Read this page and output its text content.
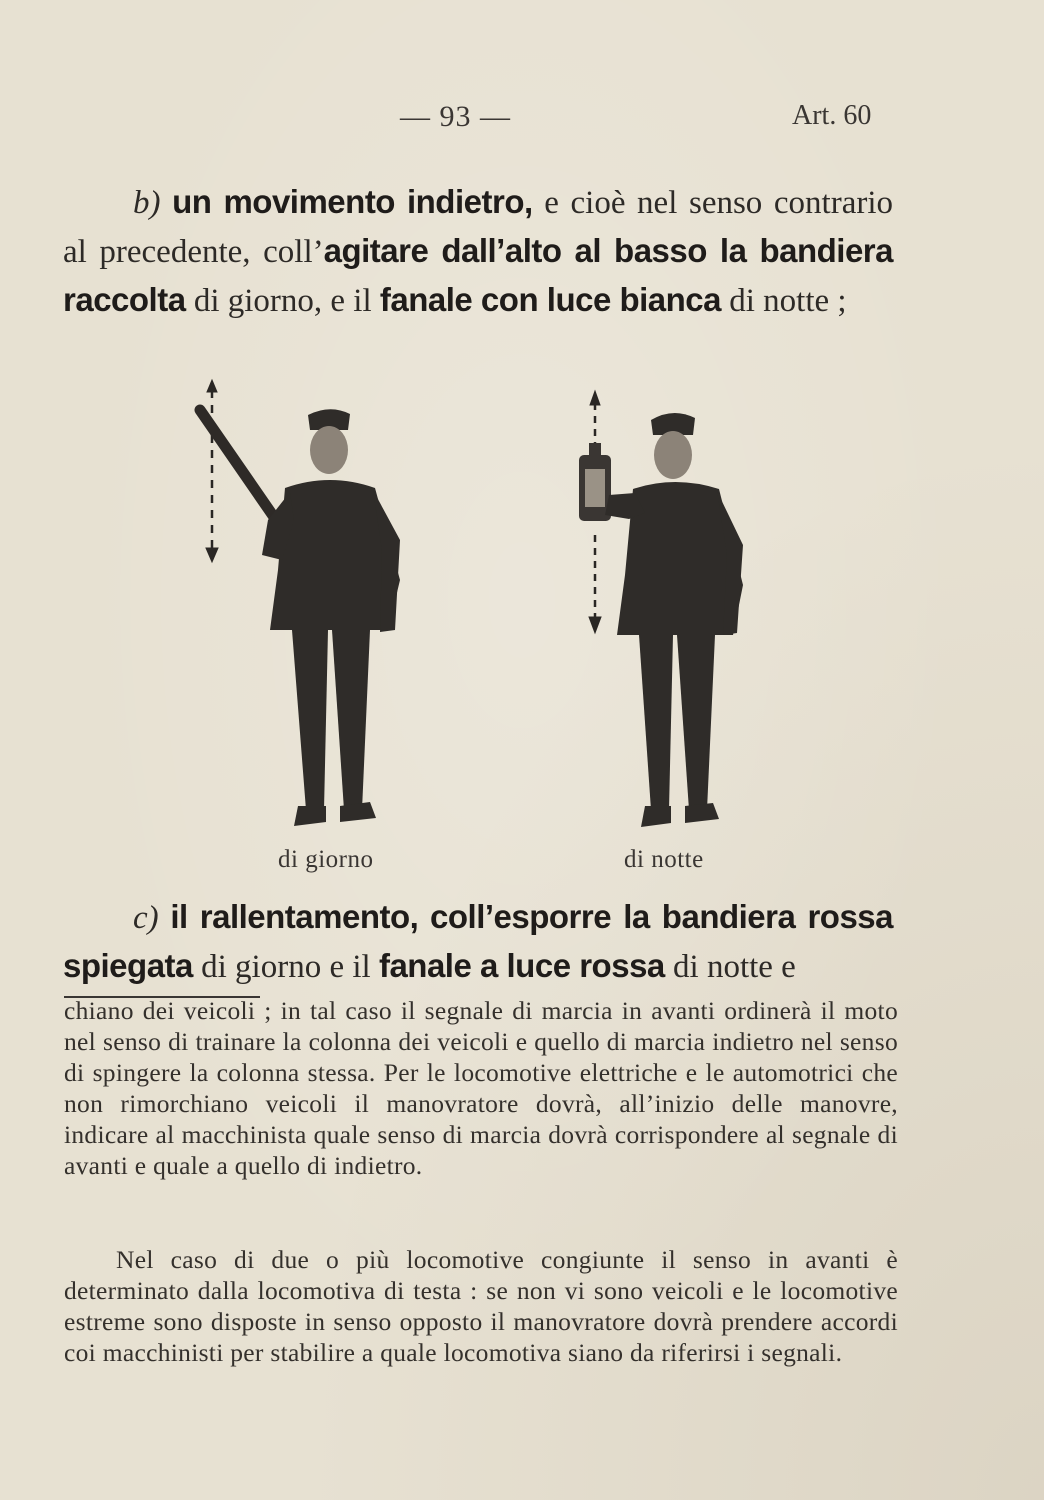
— 93 —	Art. 60
b) un movimento indietro, e cioè nel senso contrario al precedente, coll’agitare dall’alto al basso la bandiera raccolta di giorno, e il fanale con luce bianca di notte ;
di giorno	di notte
c) il rallentamento, coll’esporre la bandiera rossa spiegata di giorno e il fanale a luce rossa di notte e
chiano dei veicoli ; in tal caso il segnale di marcia in avanti ordinerà il moto nel senso di trainare la colonna dei veicoli e quello di marcia indietro nel senso di spingere la colonna stessa. Per le locomotive elettriche e le automotrici che non rimorchiano veicoli il manovratore dovrà, all’inizio delle manovre, indicare al macchinista quale senso di marcia dovrà corrispondere al segnale di avanti e quale a quello di indietro.
Nel caso di due o più locomotive congiunte il senso in avanti è determinato dalla locomotiva di testa : se non vi sono veicoli e le locomotive estreme sono disposte in senso opposto il manovratore dovrà prendere accordi coi macchinisti per stabilire a quale locomotiva siano da riferirsi i segnali.
